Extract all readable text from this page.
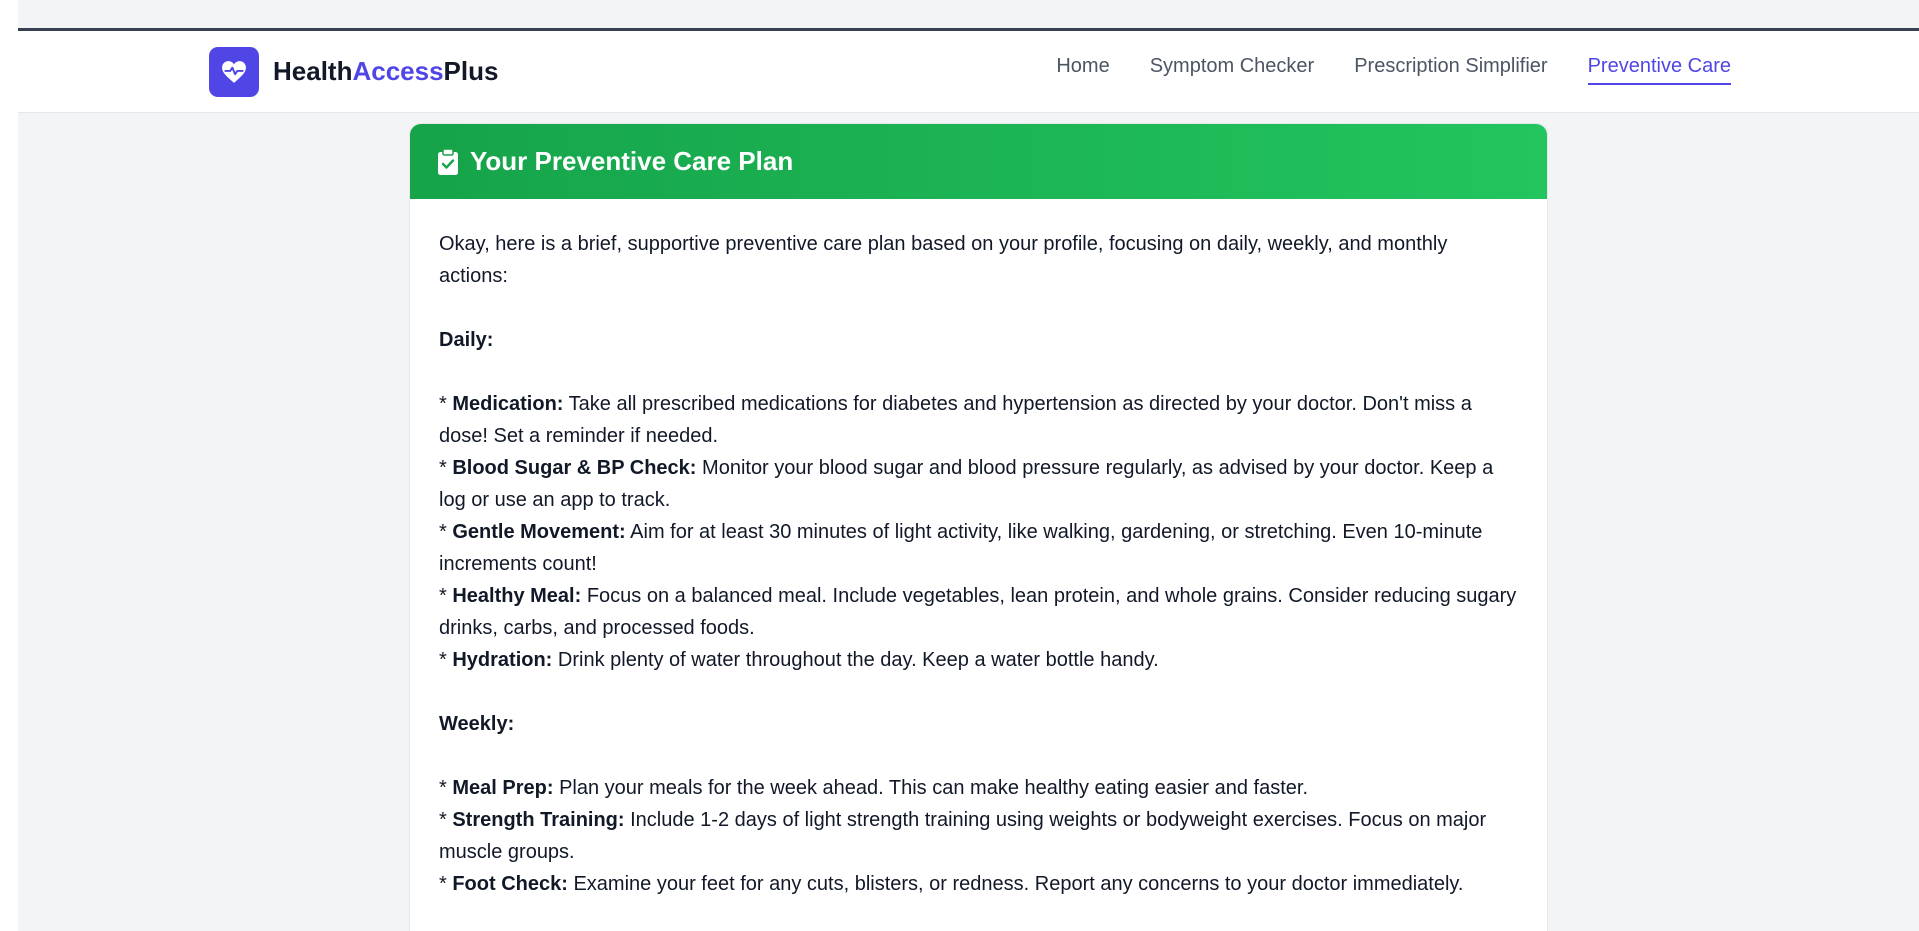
HealthAccessPlus	Home Symptom Checker Prescription Simplifier Preventive Care
Your Preventive Care Plan

Okay, here is a brief, supportive preventive care plan based on your profile, focusing on daily, weekly, and monthly actions:

Daily:

* Medication: Take all prescribed medications for diabetes and hypertension as directed by your doctor. Don't miss a dose! Set a reminder if needed.

* Blood Sugar & BP Check: Monitor your blood sugar and blood pressure regularly, as advised by your doctor. Keep a log or use an app to track.

* Gentle Movement: Aim for at least 30 minutes of light activity, like walking, gardening, or stretching. Even 10-minute increments count!

* Healthy Meal: Focus on a balanced meal. Include vegetables, lean protein, and whole grains. Consider reducing sugary drinks, carbs, and processed foods.

* Hydration: Drink plenty of water throughout the day. Keep a water bottle handy.

Weekly:

* Meal Prep: Plan your meals for the week ahead. This can make healthy eating easier and faster.

* Strength Training: Include 1-2 days of light strength training using weights or bodyweight exercises. Focus on major muscle groups.

* Foot Check: Examine your feet for any cuts, blisters, or redness. Report any concerns to your doctor immediately.
